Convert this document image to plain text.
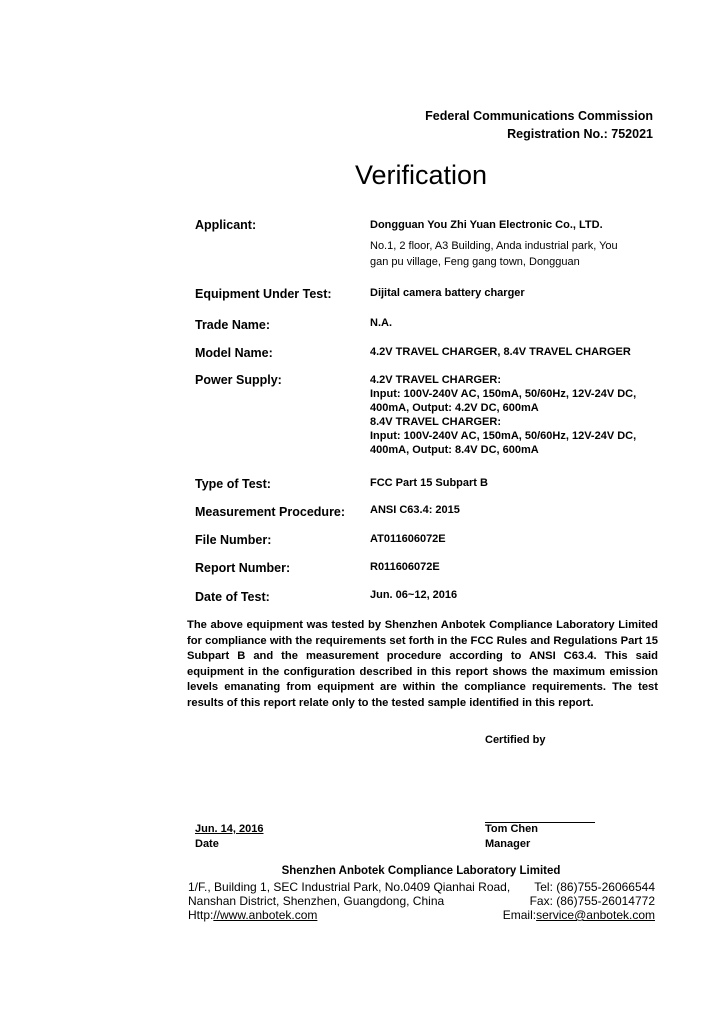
Federal Communications Commission
Registration No.: 752021
Verification
Applicant:	Dongguan You Zhi Yuan Electronic Co., LTD.
No.1, 2 floor, A3 Building, Anda industrial park, You
gan pu village, Feng gang town, Dongguan
Equipment Under Test:	Dijital camera battery charger
Trade Name:	N.A.
Model Name:	4.2V TRAVEL CHARGER, 8.4V TRAVEL CHARGER
Power Supply:	4.2V TRAVEL CHARGER:
Input: 100V-240V AC, 150mA, 50/60Hz, 12V-24V DC,
400mA, Output: 4.2V DC, 600mA
8.4V TRAVEL CHARGER:
Input: 100V-240V AC, 150mA, 50/60Hz, 12V-24V DC,
400mA, Output: 8.4V DC, 600mA
Type of Test:	FCC Part 15 Subpart B
Measurement Procedure: ANSI C63.4: 2015
File Number:	AT011606072E
Report Number:	R011606072E
Date of Test:	Jun. 06~12, 2016
The above equipment was tested by Shenzhen Anbotek Compliance Laboratory Limited for compliance with the requirements set forth in the FCC Rules and Regulations Part 15 Subpart B and the measurement procedure according to ANSI C63.4. This said equipment in the configuration described in this report shows the maximum emission levels emanating from equipment are within the compliance requirements. The test results of this report relate only to the tested sample identified in this report.
Certified by
Jun. 14, 2016
Date
Tom Chen
Manager
Shenzhen Anbotek Compliance Laboratory Limited
1/F., Building 1, SEC Industrial Park, No.0409 Qianhai Road,
Nanshan District, Shenzhen, Guangdong, China
Http://www.anbotek.com
Tel: (86)755-26066544
Fax: (86)755-26014772
Email:service@anbotek.com
